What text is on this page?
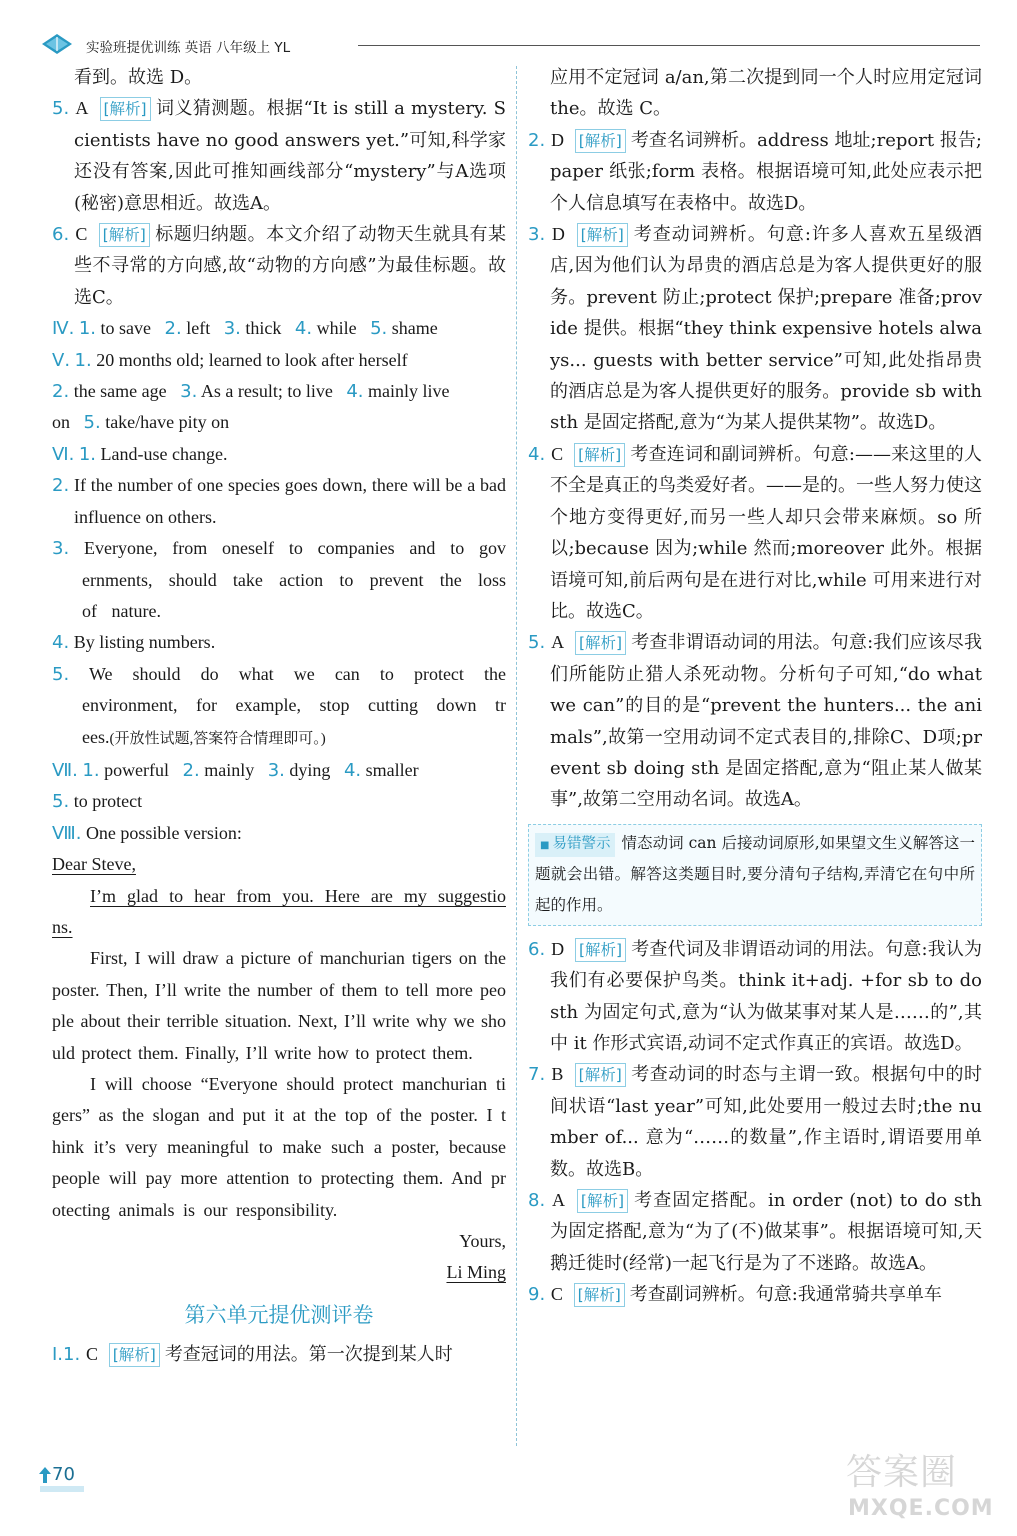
实验班提优训练 英语 八年级上 YL
看到。故选 D。
5. A [解析] 词义猜测题。根据“It is still a mystery. Scientists have no good answers yet.”可知,科学家还没有答案,因此可推知画线部分“mystery”与A选项(秘密)意思相近。故选A。
6. C [解析] 标题归纳题。本文介绍了动物天生就具有某些不寻常的方向感,故“动物的方向感”为最佳标题。故选C。
Ⅳ. 1. to save 2. left 3. thick 4. while 5. shame
Ⅴ. 1. 20 months old; learned to look after herself
2. the same age 3. As a result; to live 4. mainly live
on 5. take/have pity on
Ⅵ. 1. Land-use change.
2. If the number of one species goes down, there will be a bad influence on others.
3. Everyone, from oneself to companies and to governments, should take action to prevent the loss of nature.
4. By listing numbers.
5. We should do what we can to protect the environment, for example, stop cutting down trees.(开放性试题,答案符合情理即可。)
Ⅶ. 1. powerful 2. mainly 3. dying 4. smaller
5. to protect
Ⅷ. One possible version:
Dear Steve,
I’m glad to hear from you. Here are my suggestions.
First, I will draw a picture of manchurian tigers on the poster. Then, I’ll write the number of them to tell more people about their terrible situation. Next, I’ll write why we should protect them. Finally, I’ll write how to protect them.
I will choose “Everyone should protect manchurian tigers” as the slogan and put it at the top of the poster. I think it’s very meaningful to make such a poster, because people will pay more attention to protecting them. And protecting animals is our responsibility.
Yours,
Li Ming
第六单元提优测评卷
Ⅰ.1. C [解析] 考查冠词的用法。第一次提到某人时
应用不定冠词 a/an,第二次提到同一个人时应用定冠词 the。故选 C。
2. D [解析] 考查名词辨析。address 地址;report 报告;paper 纸张;form 表格。根据语境可知,此处应表示把个人信息填写在表格中。故选D。
3. D [解析] 考查动词辨析。句意:许多人喜欢五星级酒店,因为他们认为昂贵的酒店总是为客人提供更好的服务。prevent 防止;protect 保护;prepare 准备;provide 提供。根据“they think expensive hotels always... guests with better service”可知,此处指昂贵的酒店总是为客人提供更好的服务。provide sb with sth 是固定搭配,意为“为某人提供某物”。故选D。
4. C [解析] 考查连词和副词辨析。句意:——来这里的人不全是真正的鸟类爱好者。——是的。一些人努力使这个地方变得更好,而另一些人却只会带来麻烦。so 所以;because 因为;while 然而;moreover 此外。根据语境可知,前后两句是在进行对比,while 可用来进行对比。故选C。
5. A [解析] 考查非谓语动词的用法。句意:我们应该尽我们所能防止猎人杀死动物。分析句子可知,“do what we can”的目的是“prevent the hunters... the animals”,故第一空用动词不定式表目的,排除C、D项;prevent sb doing sth 是固定搭配,意为“阻止某人做某事”,故第二空用动名词。故选A。
■ 易错警示 情态动词 can 后接动词原形,如果望文生义解答这一题就会出错。解答这类题目时,要分清句子结构,弄清它在句中所起的作用。
6. D [解析] 考查代词及非谓语动词的用法。句意:我认为我们有必要保护鸟类。think it+adj. +for sb to do sth 为固定句式,意为“认为做某事对某人是……的”,其中 it 作形式宾语,动词不定式作真正的宾语。故选D。
7. B [解析] 考查动词的时态与主谓一致。根据句中的时间状语“last year”可知,此处要用一般过去时;the number of... 意为“……的数量”,作主语时,谓语要用单数。故选B。
8. A [解析] 考查固定搭配。in order (not) to do sth 为固定搭配,意为“为了(不)做某事”。根据语境可知,天鹅迁徙时(经常)一起飞行是为了不迷路。故选A。
9. C [解析] 考查副词辨析。句意:我通常骑共享单车
70	答案圈
MXQE.COM
